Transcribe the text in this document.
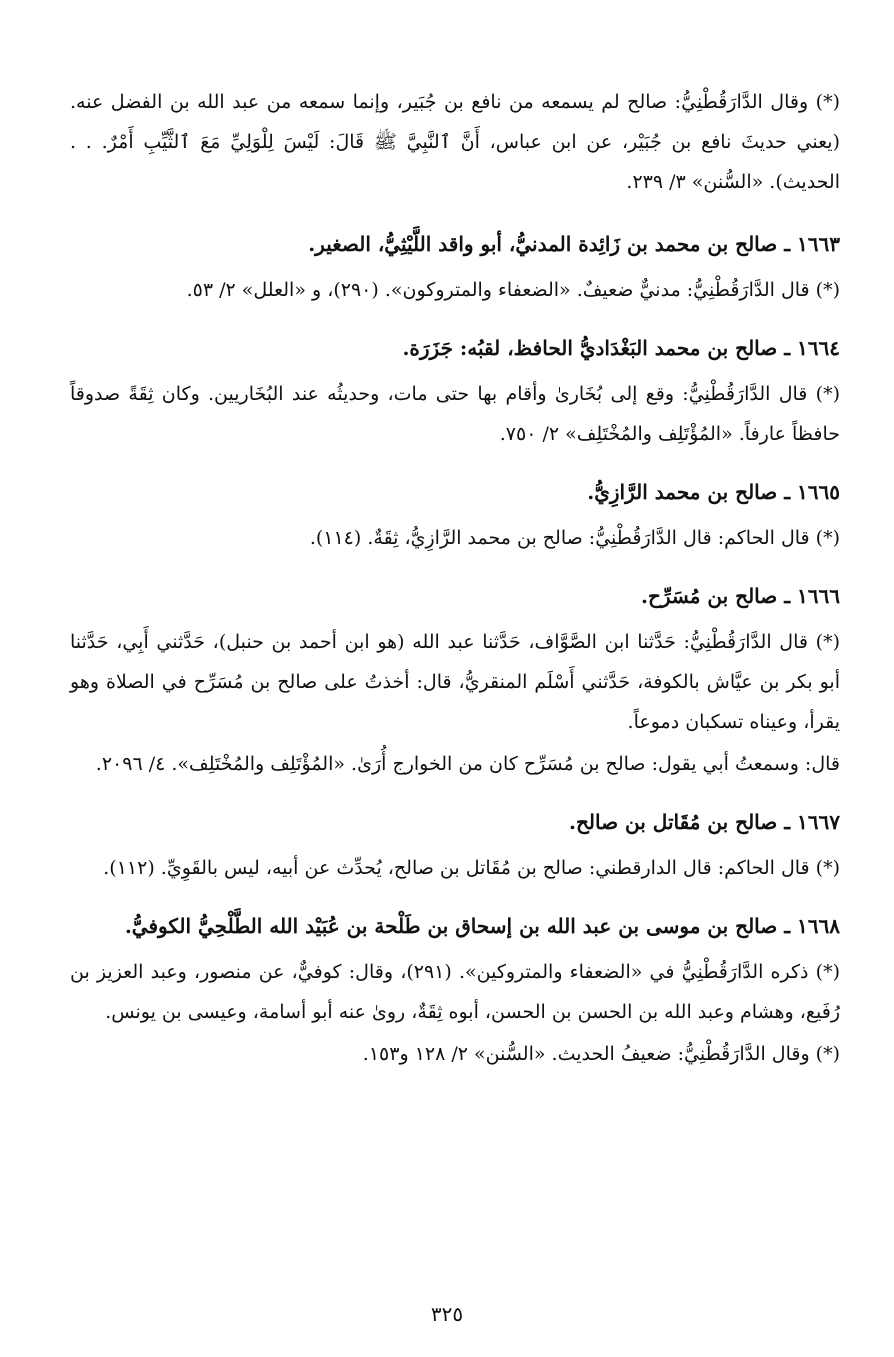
(*) وقال الدَّارَقُطْنِيُّ: صالح لم يسمعه من نافع بن جُبَير، وإنما سمعه من عبد الله بن الفضل عنه. (يعني حديثَ نافع بن جُبَيْر، عن ابن عباس، أَنَّ ٱلنَّبِيَّ ﷺ قَالَ: لَيْسَ لِلْوَلِيِّ مَعَ ٱلثَّيِّبِ أَمْرٌ. . . الحديث). «السُّنن» ٣/ ٢٣٩.

١٦٦٣ ـ صالح بن محمد بن زَائِدة المدنيُّ، أبو واقد اللَّيْثِيُّ، الصغير.

(*) قال الدَّارَقُطْنِيُّ: مدنيٌّ ضعيفٌ. «الضعفاء والمتروكون». (٢٩٠)، و «العلل» ٢/ ٥٣.

١٦٦٤ ـ صالح بن محمد البَغْدَاديُّ الحافظ، لقبُه: جَزَرَة.

(*) قال الدَّارَقُطْنِيُّ: وقع إلى بُخَارىٰ وأقام بها حتى مات، وحديثُه عند البُخَاريين. وكان ثِقَةً صدوقاً حافظاً عارفاً. «المُؤْتَلِف والمُخْتَلِف» ٢/ ٧٥٠.

١٦٦٥ ـ صالح بن محمد الرَّازِيُّ.

(*) قال الحاكم: قال الدَّارَقُطْنِيُّ: صالح بن محمد الرَّازِيُّ، ثِقَةٌ. (١١٤).

١٦٦٦ ـ صالح بن مُسَرِّح.

(*) قال الدَّارَقُطْنِيُّ: حَدَّثنا ابن الصَّوَّاف، حَدَّثنا عبد الله (هو ابن أحمد بن حنبل)، حَدَّثني أَبِي، حَدَّثنا أبو بكر بن عيَّاش بالكوفة، حَدَّثني أَسْلَم المنقريُّ، قال: أخذتُ على صالح بن مُسَرِّح في الصلاة وهو يقرأ، وعيناه تسكبان دموعاً.

قال: وسمعتُ أبي يقول: صالح بن مُسَرِّح كان من الخوارج أُرَىٰ. «المُؤْتَلِف والمُخْتَلِف». ٤/ ٢٠٩٦.

١٦٦٧ ـ صالح بن مُقَاتل بن صالح.

(*) قال الحاكم: قال الدارقطني: صالح بن مُقَاتل بن صالح، يُحدِّث عن أبيه، ليس بالقَوِيِّ. (١١٢).

١٦٦٨ ـ صالح بن موسى بن عبد الله بن إسحاق بن طَلْحة بن عُبَيْد الله الطَّلْحِيُّ الكوفيُّ.

(*) ذكره الدَّارَقُطْنِيُّ في «الضعفاء والمتروكين». (٢٩١)، وقال: كوفيٌّ، عن منصور، وعبد العزيز بن رُفَيع، وهشام وعبد الله بن الحسن بن الحسن، أبوه ثِقَةٌ، روىٰ عنه أبو أسامة، وعيسى بن يونس.

(*) وقال الدَّارَقُطْنِيُّ: ضعيفُ الحديث. «السُّنن» ٢/ ١٢٨ و١٥٣.

٣٢٥
